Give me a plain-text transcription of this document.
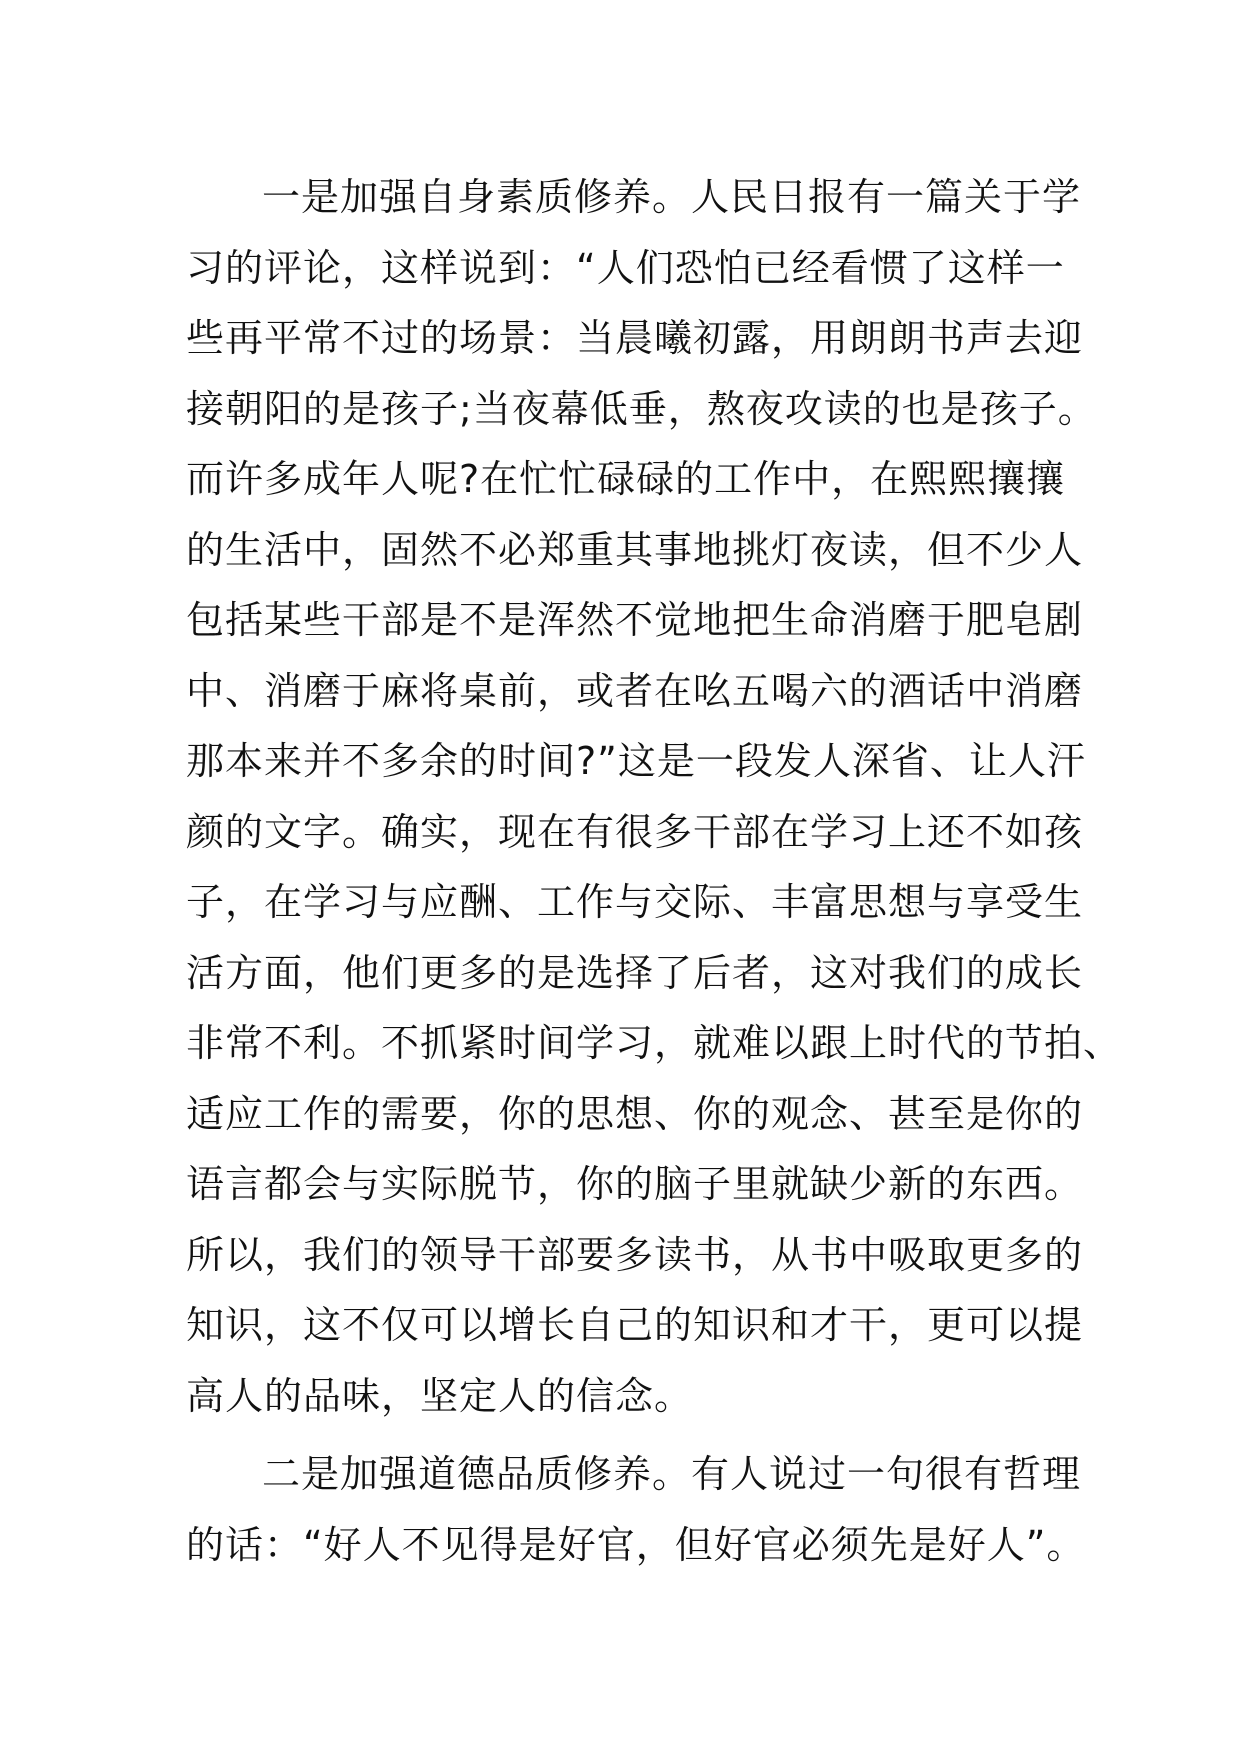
一是加强自身素质修养。人民日报有一篇关于学
习的评论，这样说到：“人们恐怕已经看惯了这样一
些再平常不过的场景：当晨曦初露，用朗朗书声去迎
接朝阳的是孩子;当夜幕低垂，熬夜攻读的也是孩子。
而许多成年人呢?在忙忙碌碌的工作中，在熙熙攘攘
的生活中，固然不必郑重其事地挑灯夜读，但不少人
包括某些干部是不是浑然不觉地把生命消磨于肥皂剧
中、消磨于麻将桌前，或者在吆五喝六的酒话中消磨
那本来并不多余的时间?”这是一段发人深省、让人汗
颜的文字。确实，现在有很多干部在学习上还不如孩
子，在学习与应酬、工作与交际、丰富思想与享受生
活方面，他们更多的是选择了后者，这对我们的成长
非常不利。不抓紧时间学习，就难以跟上时代的节拍、
适应工作的需要，你的思想、你的观念、甚至是你的
语言都会与实际脱节，你的脑子里就缺少新的东西。
所以，我们的领导干部要多读书，从书中吸取更多的
知识，这不仅可以增长自己的知识和才干，更可以提
高人的品味，坚定人的信念。

二是加强道德品质修养。有人说过一句很有哲理
的话：“好人不见得是好官，但好官必须先是好人”。
